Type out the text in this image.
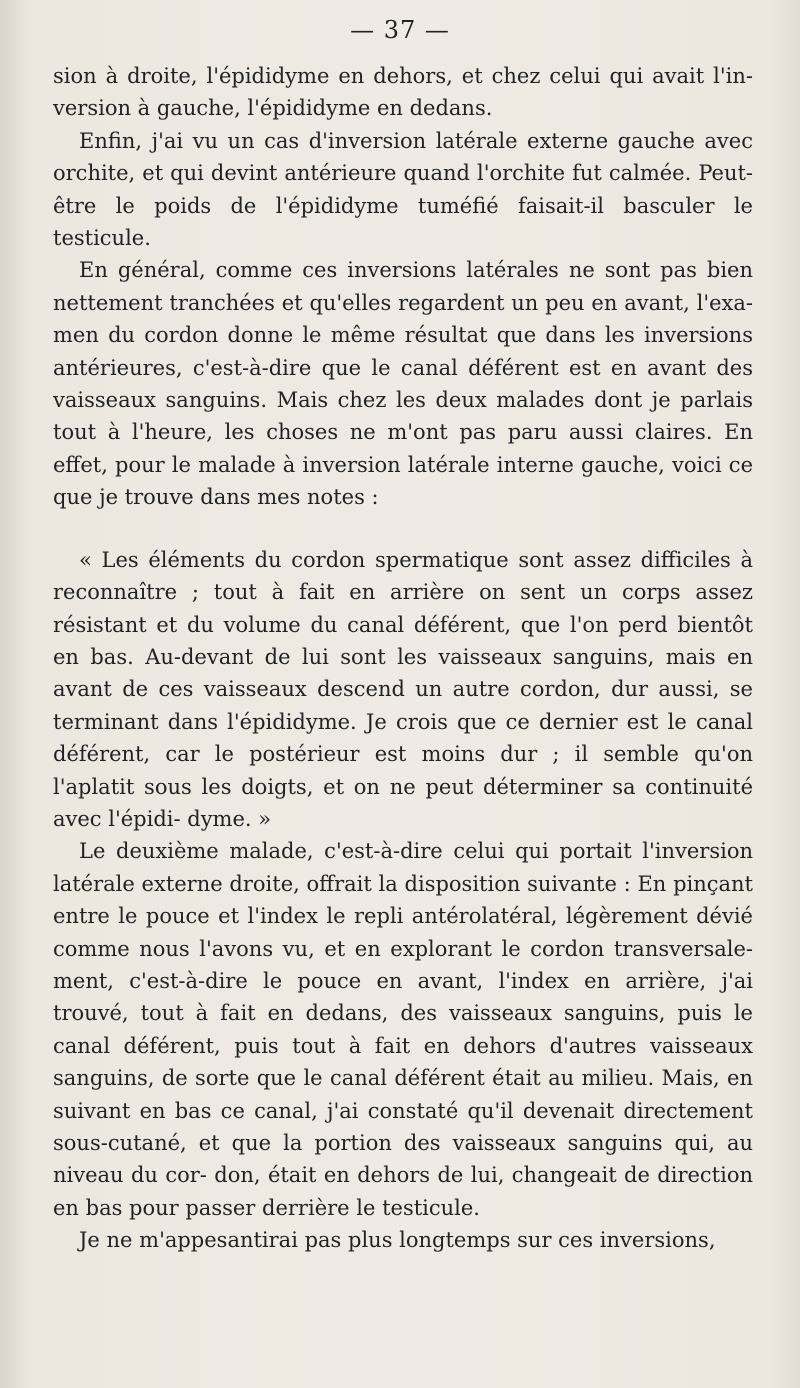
— 37 —

sion à droite, l'épididyme en dehors, et chez celui qui avait l'in- version à gauche, l'épididyme en dedans.

Enfin, j'ai vu un cas d'inversion latérale externe gauche avec orchite, et qui devint antérieure quand l'orchite fut calmée. Peut-être le poids de l'épididyme tuméfié faisait-il basculer le testicule.

En général, comme ces inversions latérales ne sont pas bien nettement tranchées et qu'elles regardent un peu en avant, l'exa- men du cordon donne le même résultat que dans les inversions antérieures, c'est-à-dire que le canal déférent est en avant des vaisseaux sanguins. Mais chez les deux malades dont je parlais tout à l'heure, les choses ne m'ont pas paru aussi claires. En effet, pour le malade à inversion latérale interne gauche, voici ce que je trouve dans mes notes :

« Les éléments du cordon spermatique sont assez difficiles à reconnaître ; tout à fait en arrière on sent un corps assez résistant et du volume du canal déférent, que l'on perd bientôt en bas. Au-devant de lui sont les vaisseaux sanguins, mais en avant de ces vaisseaux descend un autre cordon, dur aussi, se terminant dans l'épididyme. Je crois que ce dernier est le canal déférent, car le postérieur est moins dur ; il semble qu'on l'aplatit sous les doigts, et on ne peut déterminer sa continuité avec l'épidi- dyme. »

Le deuxième malade, c'est-à-dire celui qui portait l'inversion latérale externe droite, offrait la disposition suivante : En pinçant entre le pouce et l'index le repli antérolatéral, légèrement dévié comme nous l'avons vu, et en explorant le cordon transversale- ment, c'est-à-dire le pouce en avant, l'index en arrière, j'ai trouvé, tout à fait en dedans, des vaisseaux sanguins, puis le canal déférent, puis tout à fait en dehors d'autres vaisseaux sanguins, de sorte que le canal déférent était au milieu. Mais, en suivant en bas ce canal, j'ai constaté qu'il devenait directement sous-cutané, et que la portion des vaisseaux sanguins qui, au niveau du cor- don, était en dehors de lui, changeait de direction en bas pour passer derrière le testicule.

Je ne m'appesantirai pas plus longtemps sur ces inversions,
